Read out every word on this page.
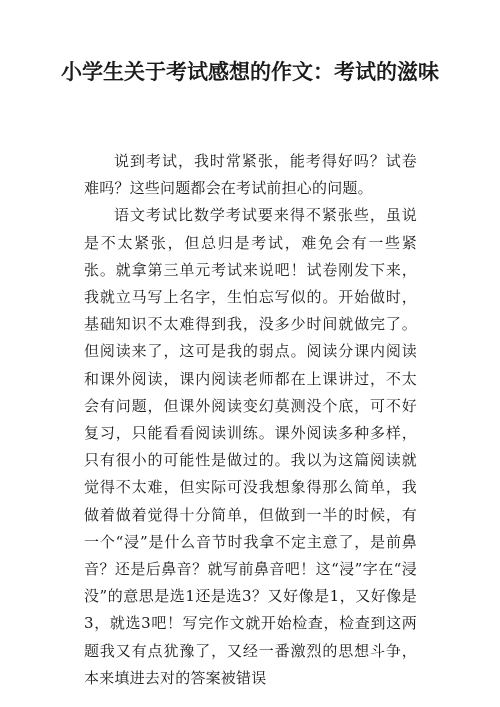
小学生关于考试感想的作文：考试的滋味

说到考试，我时常紧张，能考得好吗？试卷难吗？这些问题都会在考试前担心的问题。

语文考试比数学考试要来得不紧张些，虽说是不太紧张，但总归是考试，难免会有一些紧张。就拿第三单元考试来说吧！试卷刚发下来，我就立马写上名字，生怕忘写似的。开始做时，基础知识不太难得到我，没多少时间就做完了。但阅读来了，这可是我的弱点。阅读分课内阅读和课外阅读，课内阅读老师都在上课讲过，不太会有问题，但课外阅读变幻莫测没个底，可不好复习，只能看看阅读训练。课外阅读多种多样，只有很小的可能性是做过的。我以为这篇阅读就觉得不太难，但实际可没我想象得那么简单，我做着做着觉得十分简单，但做到一半的时候，有一个“浸”是什么音节时我拿不定主意了，是前鼻音？还是后鼻音？就写前鼻音吧！这“浸”字在“浸没”的意思是选1还是选3？又好像是1，又好像是3，就选3吧！写完作文就开始检查，检查到这两题我又有点犹豫了，又经一番激烈的思想斗争，本来填进去对的答案被错误
